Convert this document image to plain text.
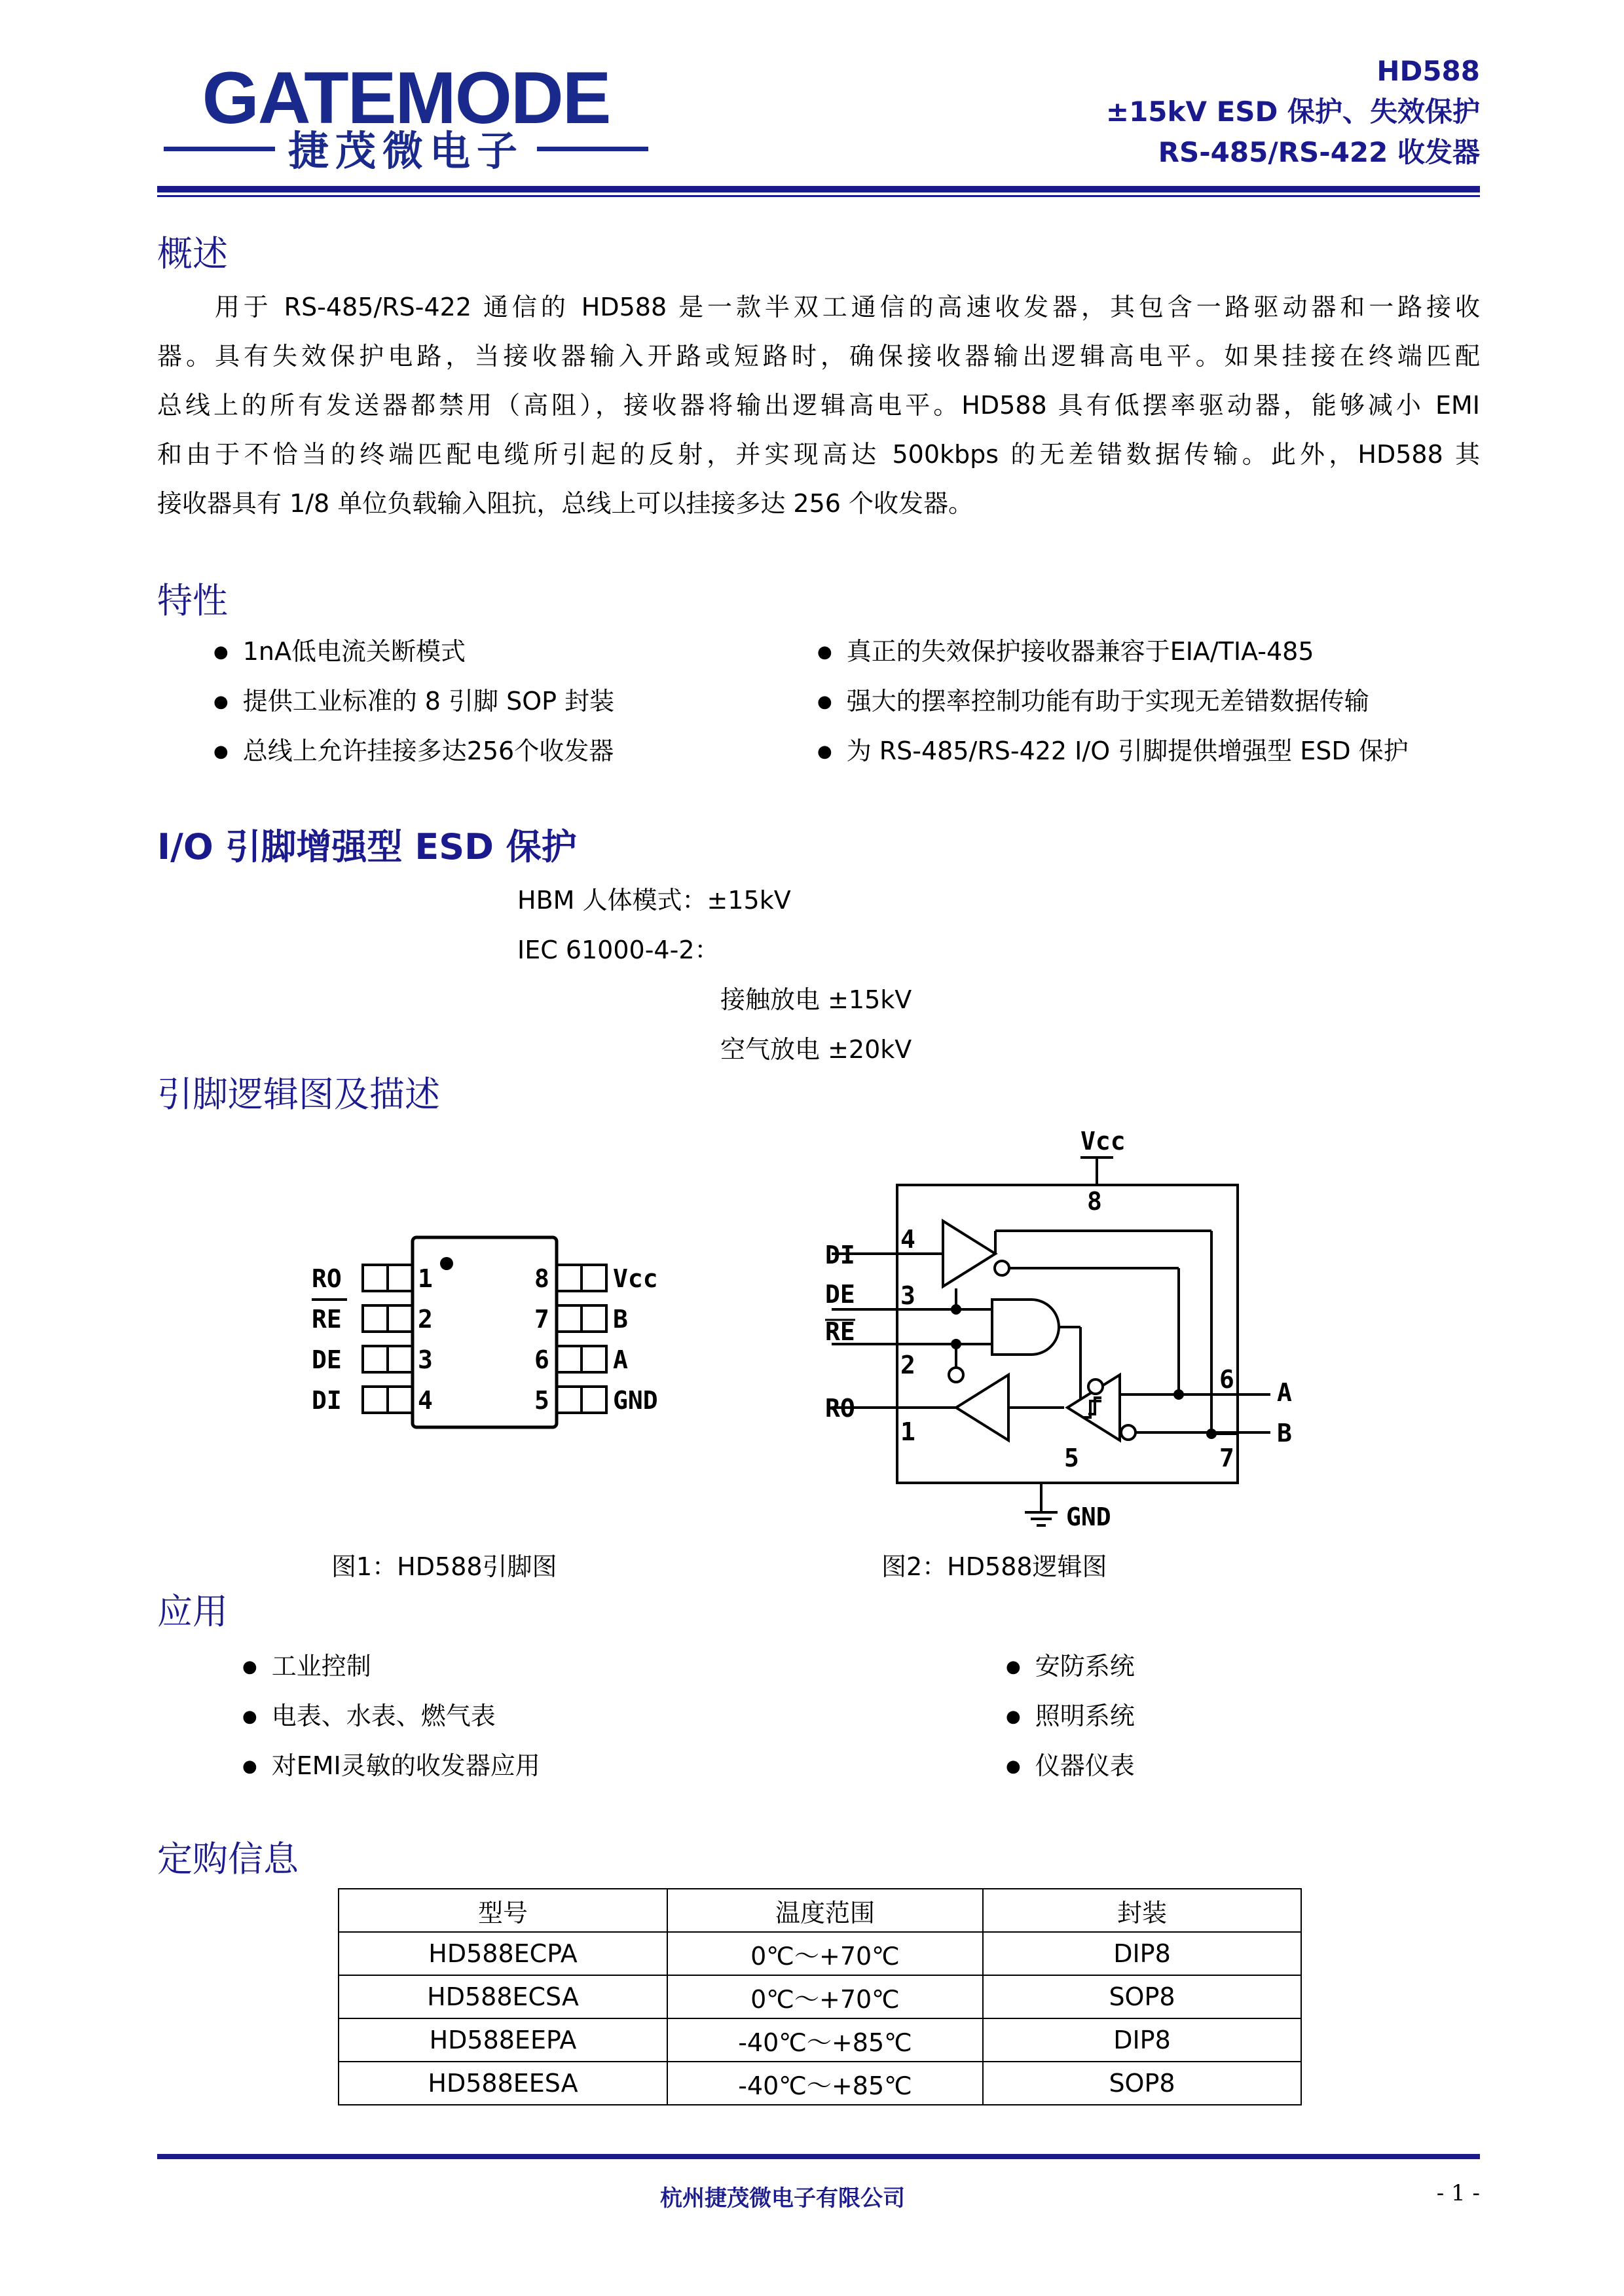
GATEMODE
捷茂微电子
HD588
±15kV ESD 保护、失效保护
RS-485/RS-422 收发器
概述
　　用于 RS-485/RS-422 通信的 HD588 是一款半双工通信的高速收发器，其包含一路驱动器和一路接收
器。具有失效保护电路，当接收器输入开路或短路时，确保接收器输出逻辑高电平。如果挂接在终端匹配
总线上的所有发送器都禁用（高阻），接收器将输出逻辑高电平。HD588 具有低摆率驱动器，能够减小 EMI
和由于不恰当的终端匹配电缆所引起的反射，并实现高达 500kbps 的无差错数据传输。此外，HD588 其
接收器具有 1/8 单位负载输入阻抗，总线上可以挂接多达 256 个收发器。
特性
● 1nA低电流关断模式
● 提供工业标准的 8 引脚 SOP 封装
● 总线上允许挂接多达256个收发器
● 真正的失效保护接收器兼容于EIA/TIA-485
● 强大的摆率控制功能有助于实现无差错数据传输
● 为 RS-485/RS-422 I/O 引脚提供增强型 ESD 保护
I/O 引脚增强型 ESD 保护
HBM 人体模式：±15kV
IEC 61000-4-2：
接触放电 ±15kV
空气放电 ±20kV
引脚逻辑图及描述
RO
RE
DE
DI
1
2
3
4
8
7
6
5
Vcc
B
A
GND
Vcc
8
DI
4
DE 3
RE
2
RO
1
6 A
B
7
5
GND
图1：HD588引脚图	图2：HD588逻辑图
应用
● 工业控制
● 电表、水表、燃气表
● 对EMI灵敏的收发器应用
● 安防系统
● 照明系统
● 仪器仪表
定购信息
型号	温度范围	封装
HD588ECPA	0℃～+70℃	DIP8
HD588ECSA	0℃～+70℃	SOP8
HD588EEPA	-40℃～+85℃	DIP8
HD588EESA	-40℃～+85℃	SOP8
杭州捷茂微电子有限公司	- 1 -
